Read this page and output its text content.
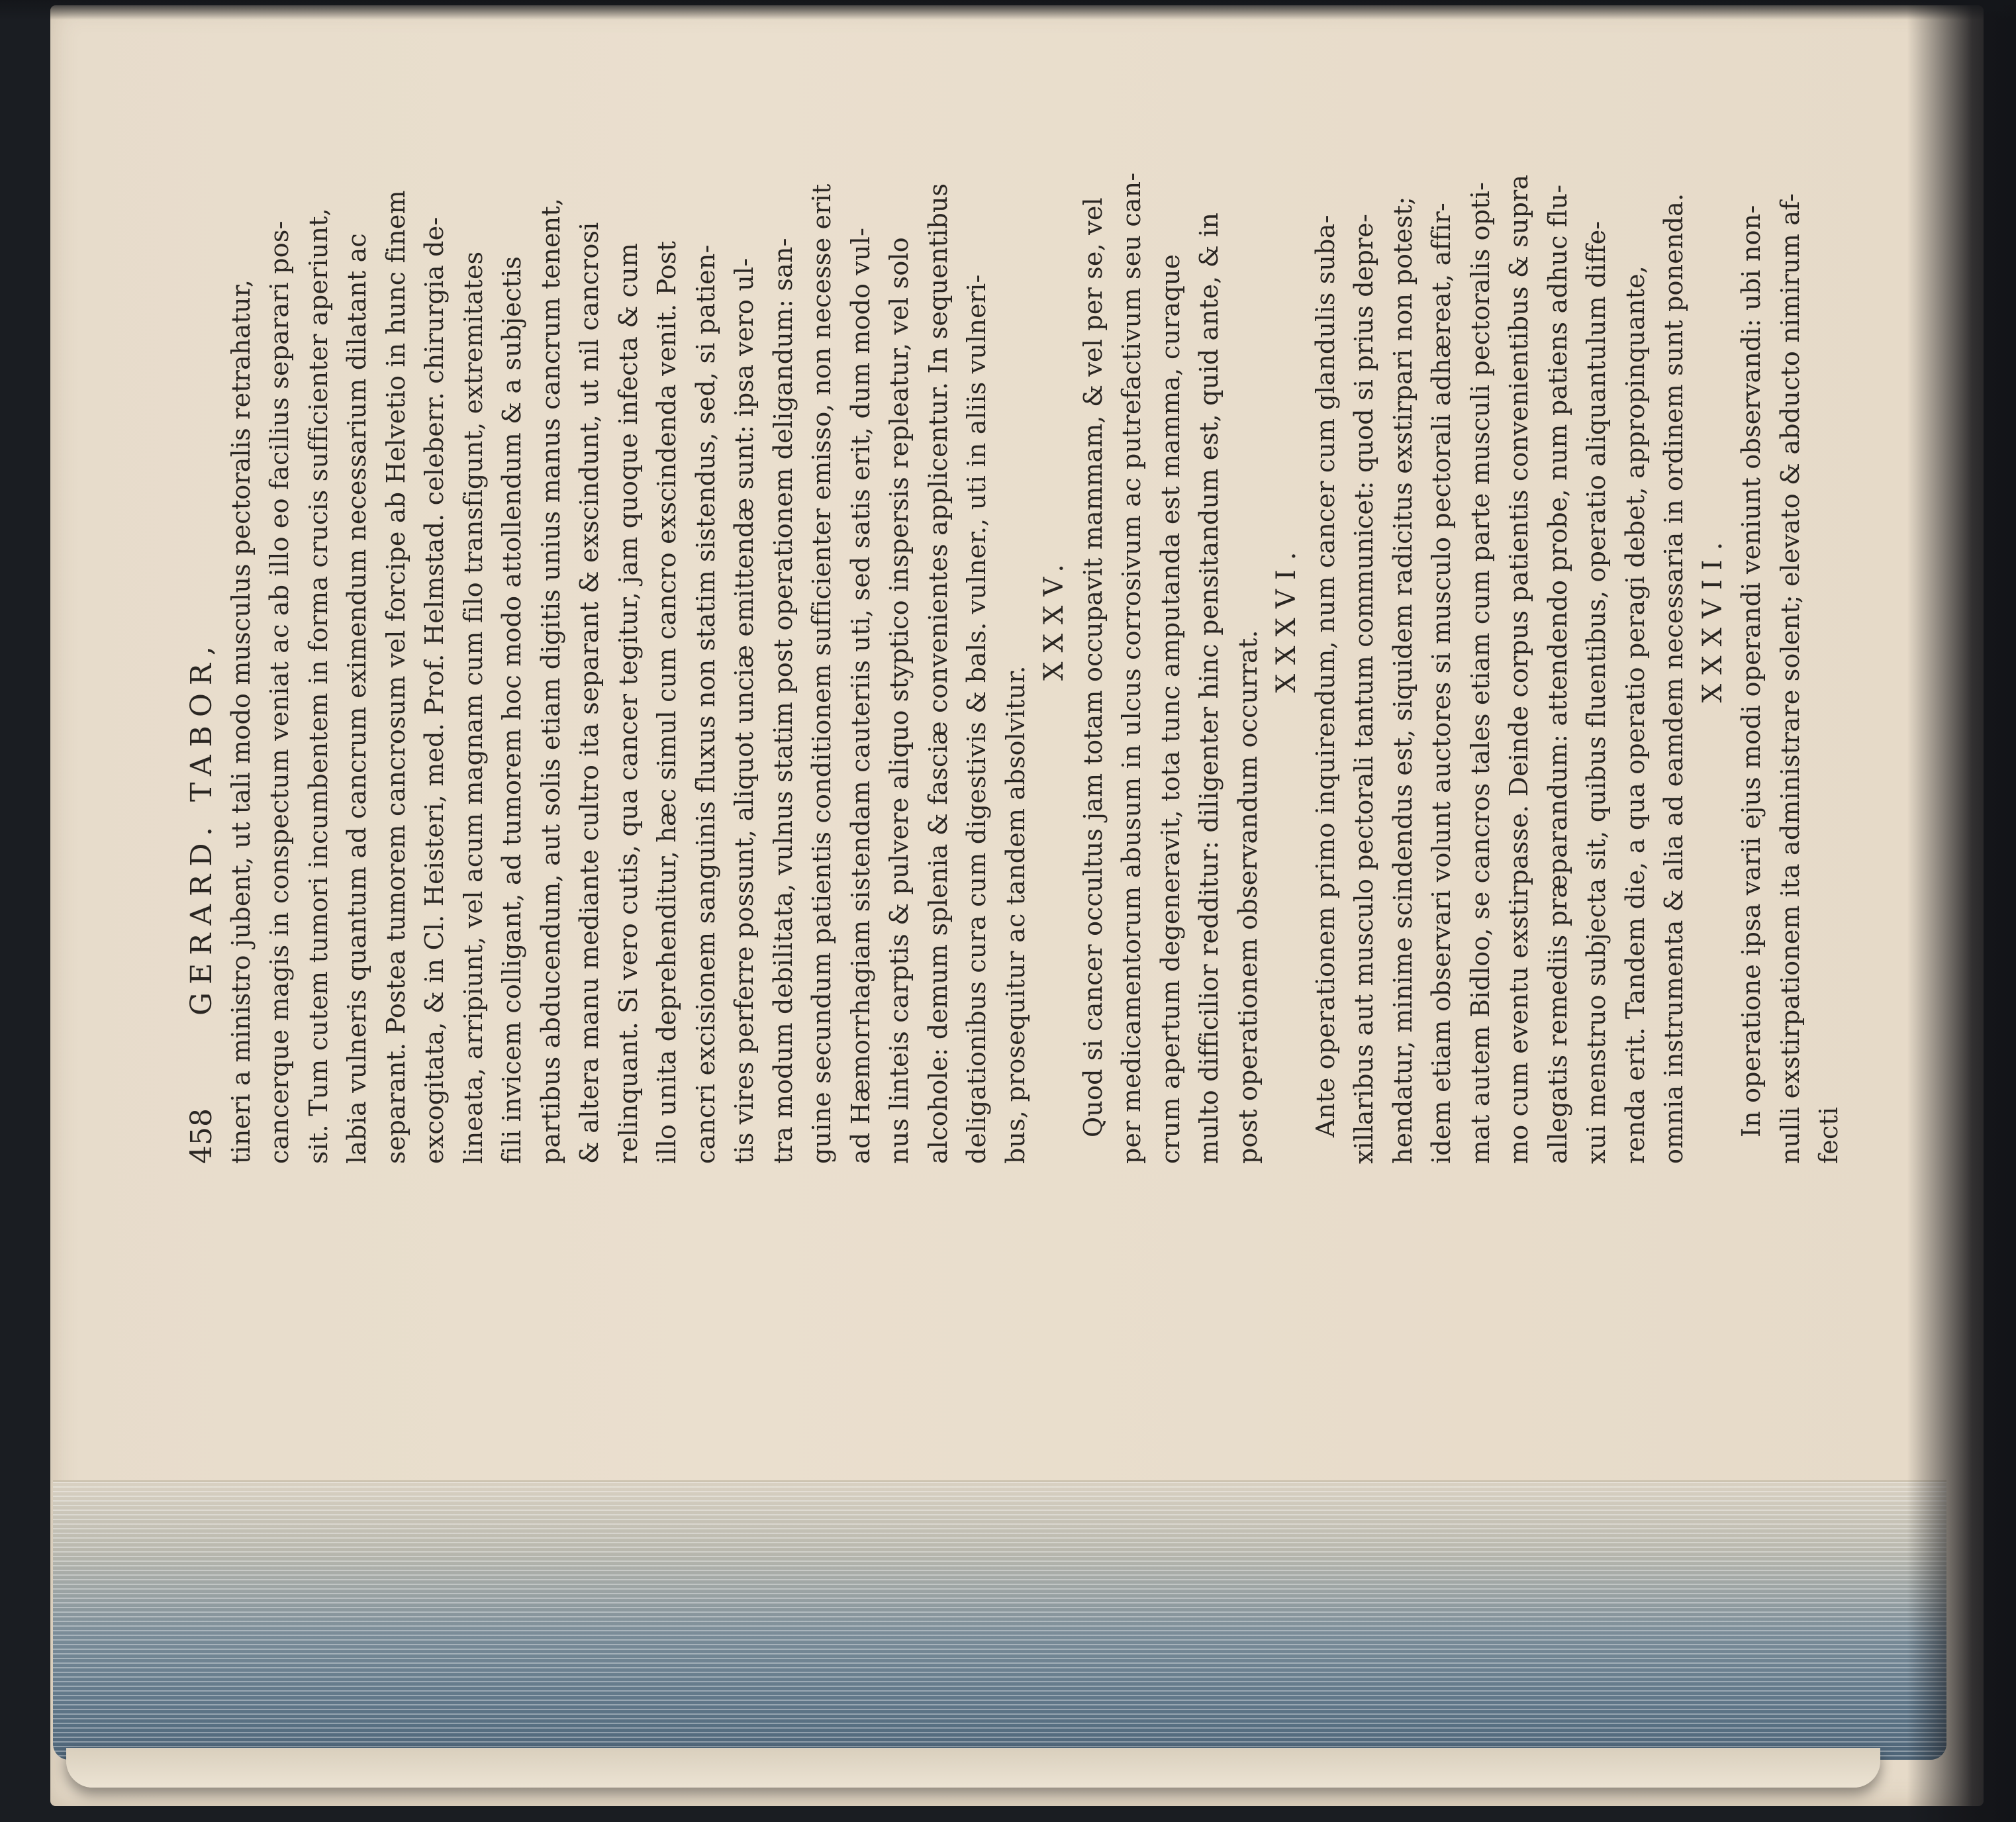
458GERARD. TABOR, tineri a ministro jubent, ut tali modo musculus pectoralis retrahatur, cancerque magis in conspectum veniat ac ab illo eo facilius separari pos- sit. Tum cutem tumori incumbentem in forma crucis sufficienter aperiunt, labia vulneris quantum ad cancrum eximendum necessarium dilatant ac separant. Postea tumorem cancrosum vel forcipe ab Helvetio in hunc finem excogitata, & in Cl. Heisteri, med. Prof. Helmstad. celeberr. chirurgia de- lineata, arripiunt, vel acum magnam cum filo transfigunt, extremitates fili invicem colligant, ad tumorem hoc modo attollendum & a subjectis partibus abducendum, aut solis etiam digitis unius manus cancrum tenent, & altera manu mediante cultro ita separant & exscindunt, ut nil cancrosi relinquant. Si vero cutis, qua cancer tegitur, jam quoque infecta & cum illo unita deprehenditur, hæc simul cum cancro exscindenda venit. Post cancri excisionem sanguinis fluxus non statim sistendus, sed, si patien- tis vires perferre possunt, aliquot unciæ emittendæ sunt: ipsa vero ul- tra modum debilitata, vulnus statim post operationem deligandum: san- guine secundum patientis conditionem sufficienter emisso, non necesse erit ad Hæmorrhagiam sistendam cauteriis uti, sed satis erit, dum modo vul- nus linteis carptis & pulvere aliquo styptico inspersis repleatur, vel solo alcohole: demum splenia & fasciæ convenientes applicentur. In sequentibus deligationibus cura cum digestivis & bals. vulner., uti in aliis vulneri- bus, prosequitur ac tandem absolvitur.
XXXV. Quod si cancer occultus jam totam occupavit mammam, & vel per se, vel per medicamentorum abusum in ulcus corrosivum ac putrefactivum seu can- crum apertum degeneravit, tota tunc amputanda est mamma, curaque multo difficilior redditur: diligenter hinc pensitandum est, quid ante, & in post operationem observandum occurrat.
XXXVI. Ante operationem primo inquirendum, num cancer cum glandulis suba- xillaribus aut musculo pectorali tantum communicet: quod si prius depre- hendatur, minime scindendus est, siquidem radicitus exstirpari non potest; idem etiam observari volunt auctores si musculo pectorali adhæreat, affir- mat autem Bidloo, se cancros tales etiam cum parte musculi pectoralis opti- mo cum eventu exstirpasse. Deinde corpus patientis convenientibus & supra allegatis remediis præparandum: attendendo probe, num patiens adhuc flu- xui menstruo subjecta sit, quibus fluentibus, operatio aliquantulum diffe- renda erit. Tandem die, a qua operatio peragi debet, appropinquante, omnia instrumenta & alia ad eamdem necessaria in ordinem sunt ponenda. XXXVII. In operatione ipsa varii ejus modi operandi veniunt observandi: ubi non- nulli exstirpationem ita administrare solent; elevato & abducto nimirum af- fecti
